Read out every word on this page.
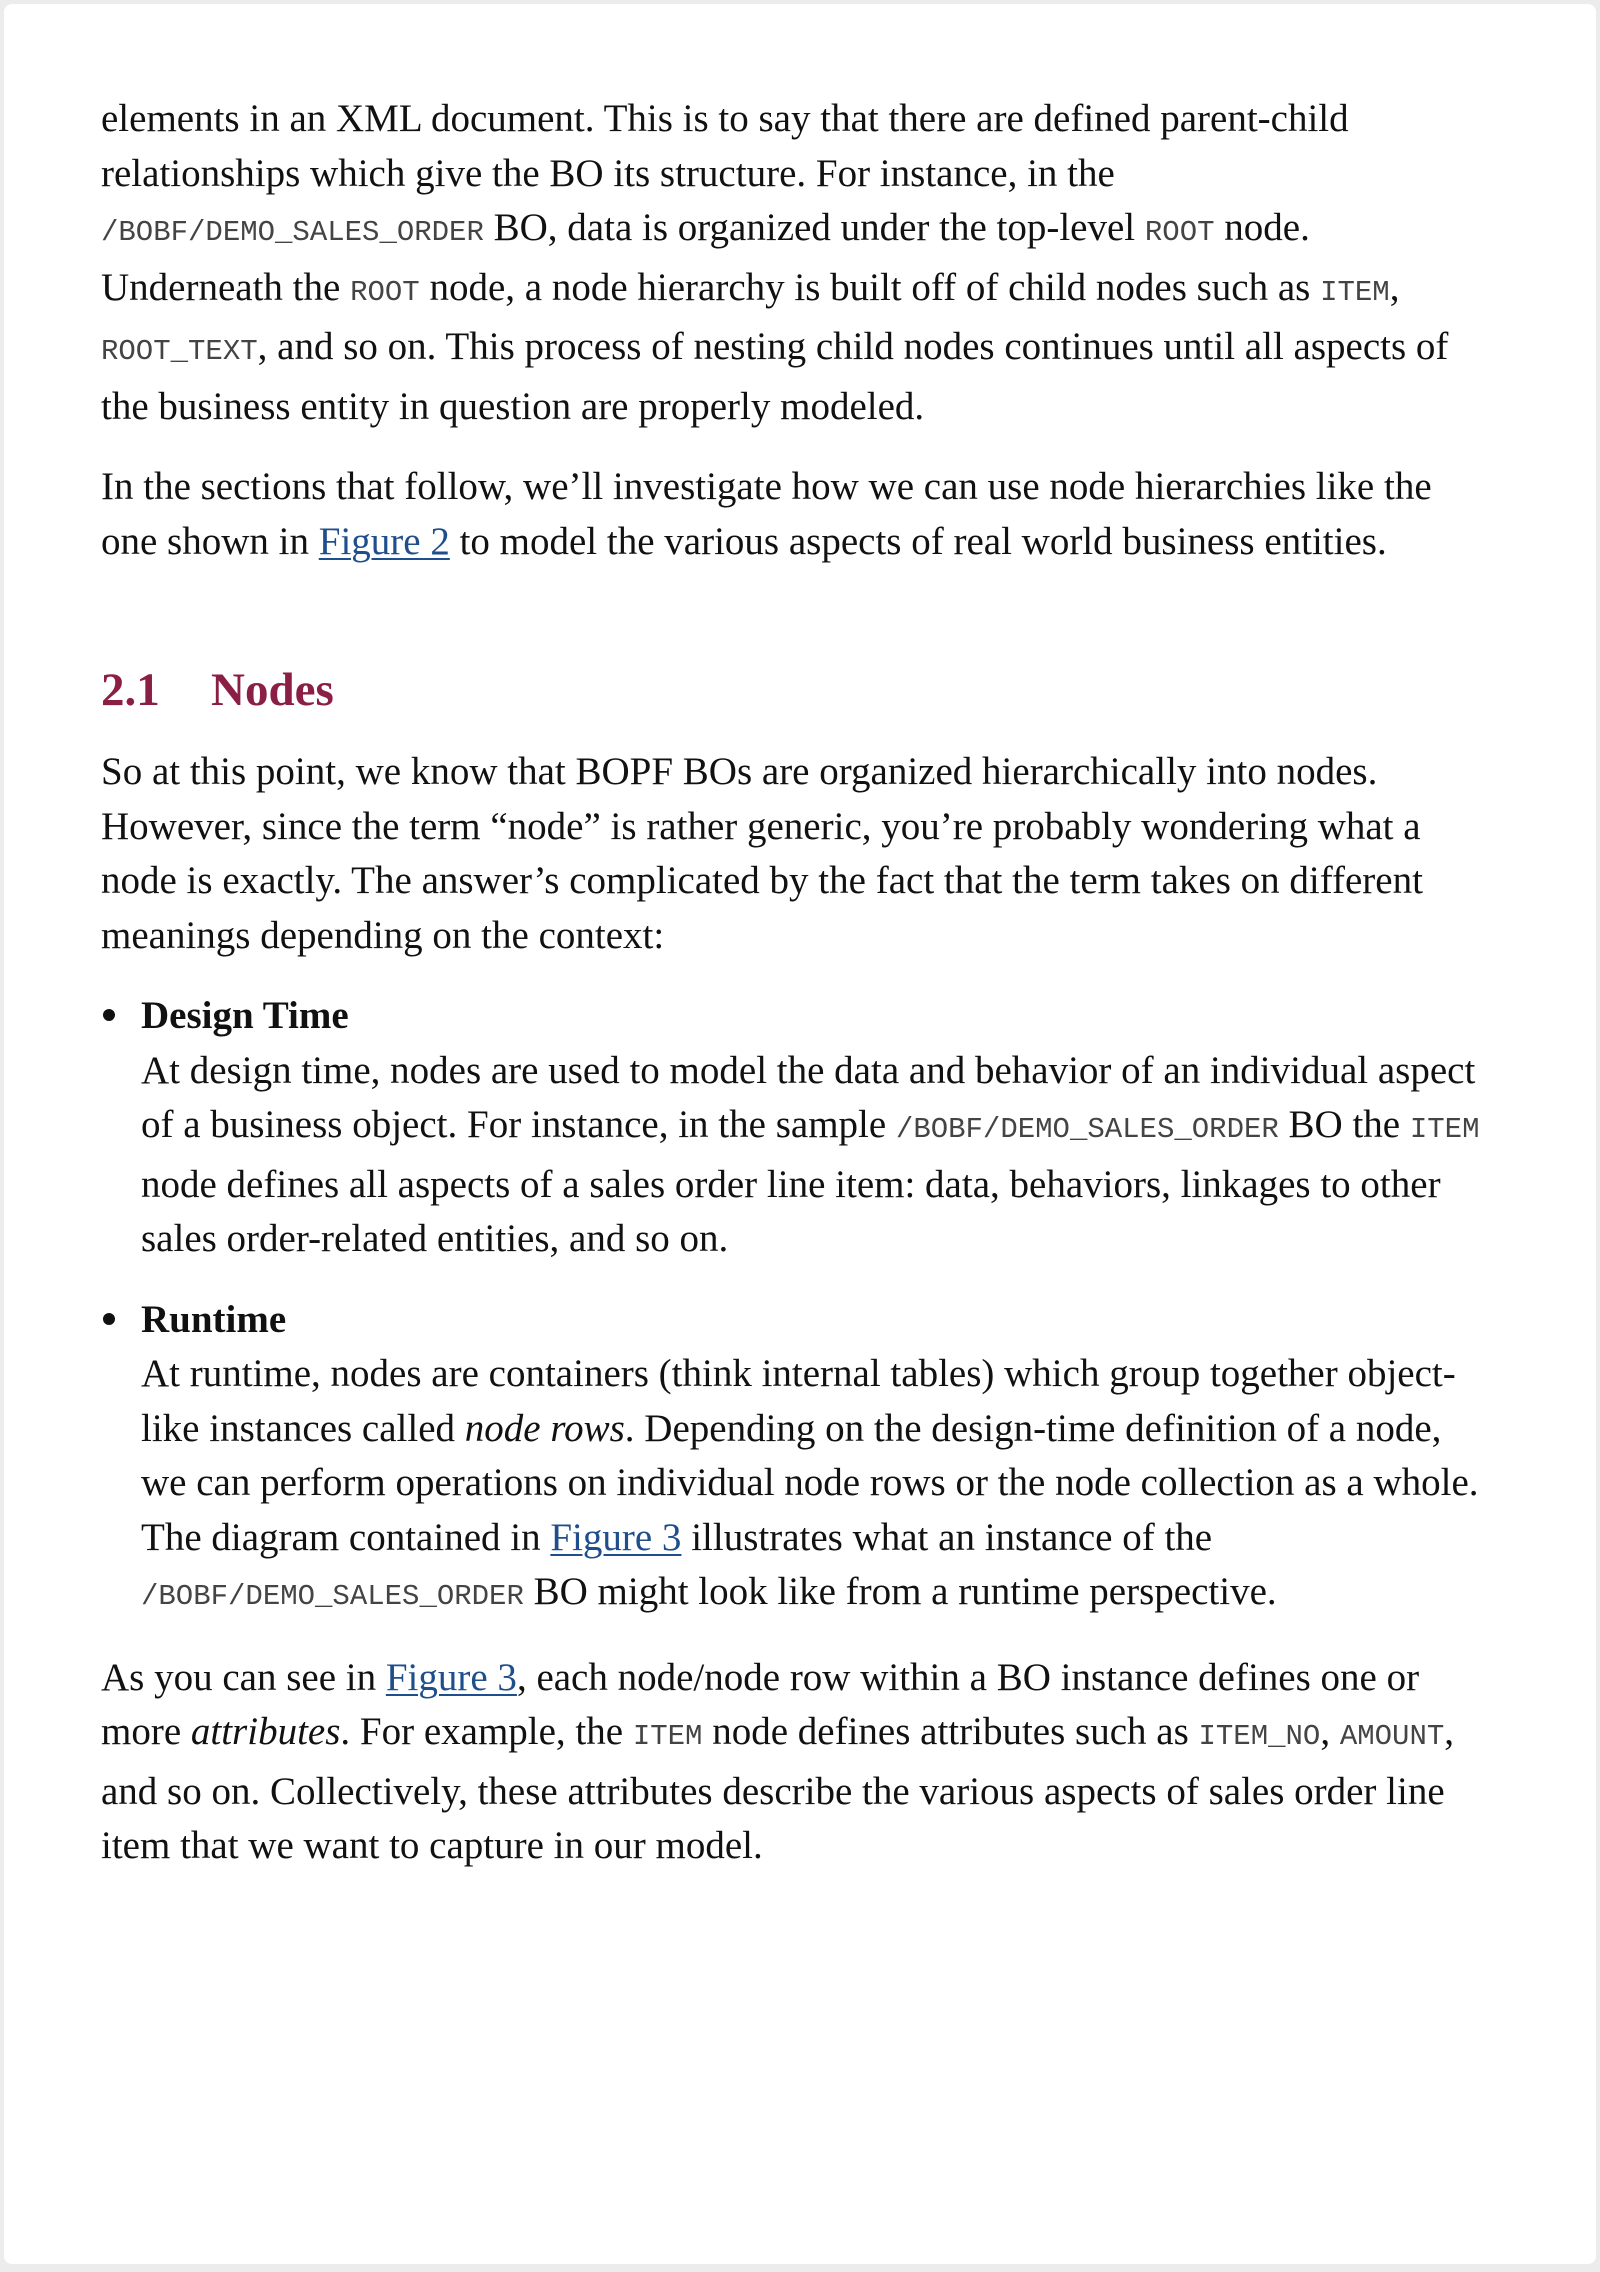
elements in an XML document. This is to say that there are defined parent-child relationships which give the BO its structure. For instance, in the /BOBF/DEMO_SALES_ORDER BO, data is organized under the top-level ROOT node. Underneath the ROOT node, a node hierarchy is built off of child nodes such as ITEM, ROOT_TEXT, and so on. This process of nesting child nodes continues until all aspects of the business entity in question are properly modeled.

In the sections that follow, we’ll investigate how we can use node hierarchies like the one shown in Figure 2 to model the various aspects of real world business entities.

2.1 Nodes

So at this point, we know that BOPF BOs are organized hierarchically into nodes. However, since the term “node” is rather generic, you’re probably wondering what a node is exactly. The answer’s complicated by the fact that the term takes on different meanings depending on the context:

Design Time
At design time, nodes are used to model the data and behavior of an individual aspect of a business object. For instance, in the sample /BOBF/DEMO_SALES_ORDER BO the ITEM node defines all aspects of a sales order line item: data, behaviors, linkages to other sales order-related entities, and so on.
Runtime
At runtime, nodes are containers (think internal tables) which group together object-like instances called node rows. Depending on the design-time definition of a node, we can perform operations on individual node rows or the node collection as a whole. The diagram contained in Figure 3 illustrates what an instance of the /BOBF/DEMO_SALES_ORDER BO might look like from a runtime perspective.

As you can see in Figure 3, each node/node row within a BO instance defines one or more attributes. For example, the ITEM node defines attributes such as ITEM_NO, AMOUNT, and so on. Collectively, these attributes describe the various aspects of sales order line item that we want to capture in our model.
